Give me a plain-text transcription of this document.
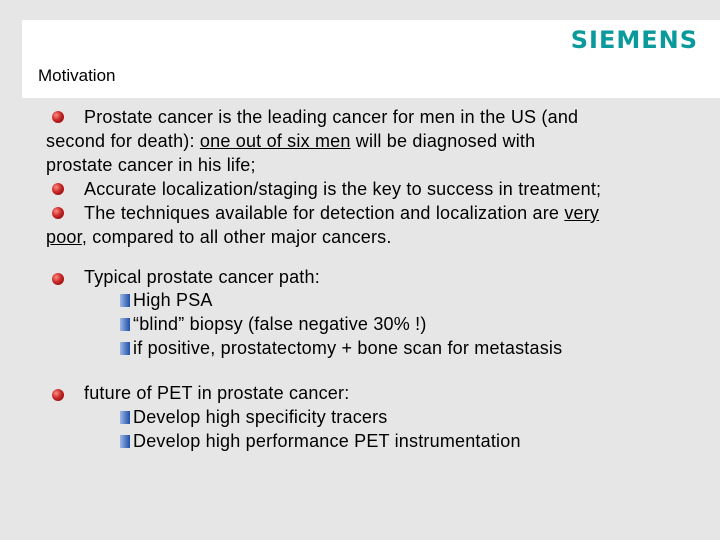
SIEMENS
Motivation
Prostate cancer is the leading cancer for men in the US (and
second for death): one out of six men will be diagnosed with
prostate cancer in his life;
Accurate localization/staging is the key to success in treatment;
The techniques available for detection and localization are very
poor, compared to all other major cancers.
Typical prostate cancer path:
High PSA
“blind” biopsy (false negative 30% !)
if positive, prostatectomy + bone scan for metastasis
future of PET in prostate cancer:
Develop high specificity tracers
Develop high performance PET instrumentation
